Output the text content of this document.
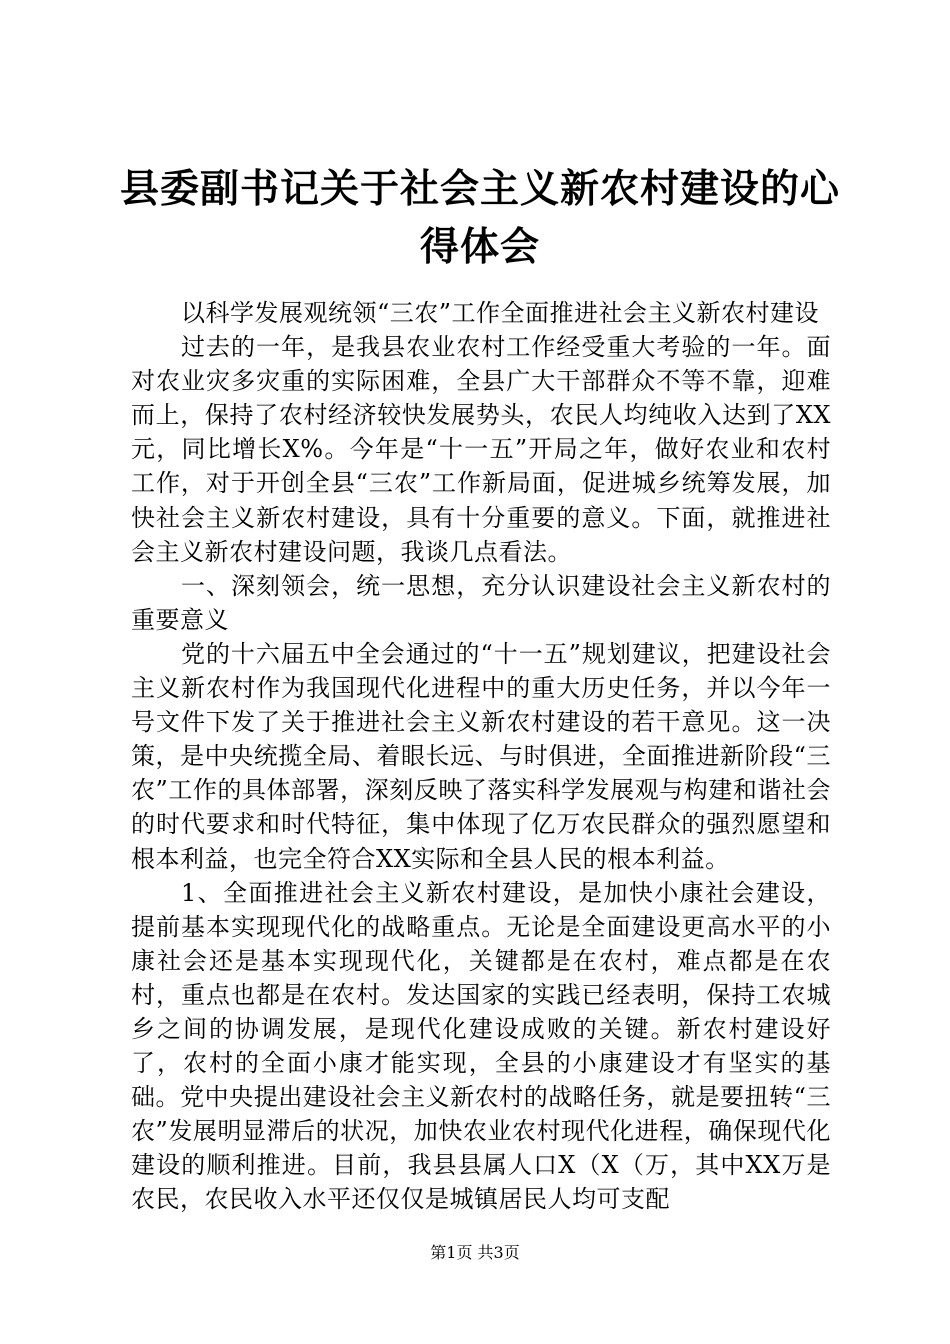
县委副书记关于社会主义新农村建设的心得体会

以科学发展观统领“三农”工作全面推进社会主义新农村建设

过去的一年，是我县农业农村工作经受重大考验的一年。面对农业灾多灾重的实际困难，全县广大干部群众不等不靠，迎难而上，保持了农村经济较快发展势头，农民人均纯收入达到了XX元，同比增长X%。今年是“十一五”开局之年，做好农业和农村工作，对于开创全县“三农”工作新局面，促进城乡统筹发展，加快社会主义新农村建设，具有十分重要的意义。下面，就推进社会主义新农村建设问题，我谈几点看法。

一、深刻领会，统一思想，充分认识建设社会主义新农村的重要意义

党的十六届五中全会通过的“十一五”规划建议，把建设社会主义新农村作为我国现代化进程中的重大历史任务，并以今年一号文件下发了关于推进社会主义新农村建设的若干意见。这一决策，是中央统揽全局、着眼长远、与时俱进，全面推进新阶段“三农”工作的具体部署，深刻反映了落实科学发展观与构建和谐社会的时代要求和时代特征，集中体现了亿万农民群众的强烈愿望和根本利益，也完全符合XX实际和全县人民的根本利益。

1、全面推进社会主义新农村建设，是加快小康社会建设，提前基本实现现代化的战略重点。无论是全面建设更高水平的小康社会还是基本实现现代化，关键都是在农村，难点都是在农村，重点也都是在农村。发达国家的实践已经表明，保持工农城乡之间的协调发展，是现代化建设成败的关键。新农村建设好了，农村的全面小康才能实现，全县的小康建设才有坚实的基础。党中央提出建设社会主义新农村的战略任务，就是要扭转“三农”发展明显滞后的状况，加快农业农村现代化进程，确保现代化建设的顺利推进。目前，我县县属人口X（X（万，其中XX万是农民，农民收入水平还仅仅是城镇居民人均可支配

第1页 共3页
